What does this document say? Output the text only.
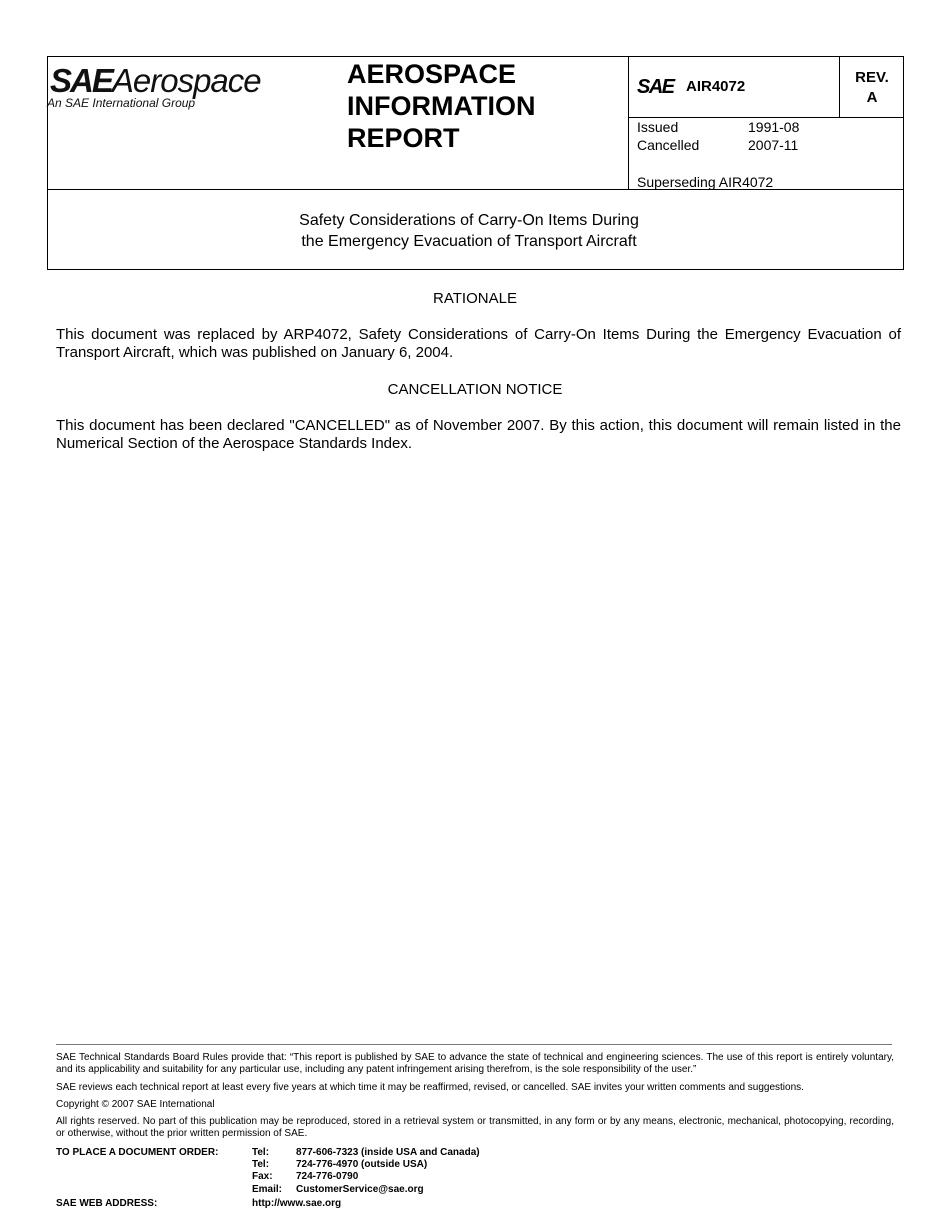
SAEAerospace
An SAE International Group
AEROSPACE
INFORMATION
REPORT
SAE AIR4072
REV.
A
Issued	1991-08
Cancelled	2007-11
Superseding AIR4072
Safety Considerations of Carry-On Items During
the Emergency Evacuation of Transport Aircraft
RATIONALE
This document was replaced by ARP4072, Safety Considerations of Carry-On Items During the Emergency Evacuation of Transport Aircraft, which was published on January 6, 2004.
CANCELLATION NOTICE
This document has been declared "CANCELLED" as of November 2007. By this action, this document will remain listed in the Numerical Section of the Aerospace Standards Index.
SAE Technical Standards Board Rules provide that: “This report is published by SAE to advance the state of technical and engineering sciences. The use of this report is entirely voluntary, and its applicability and suitability for any particular use, including any patent infringement arising therefrom, is the sole responsibility of the user.”
SAE reviews each technical report at least every five years at which time it may be reaffirmed, revised, or cancelled. SAE invites your written comments and suggestions.
Copyright © 2007 SAE International
All rights reserved. No part of this publication may be reproduced, stored in a retrieval system or transmitted, in any form or by any means, electronic, mechanical, photocopying, recording, or otherwise, without the prior written permission of SAE.
TO PLACE A DOCUMENT ORDER:	Tel:	877-606-7323 (inside USA and Canada)
Tel:	724-776-4970 (outside USA)
Fax: 724-776-0790
Email: CustomerService@sae.org
SAE WEB ADDRESS:	http://www.sae.org
